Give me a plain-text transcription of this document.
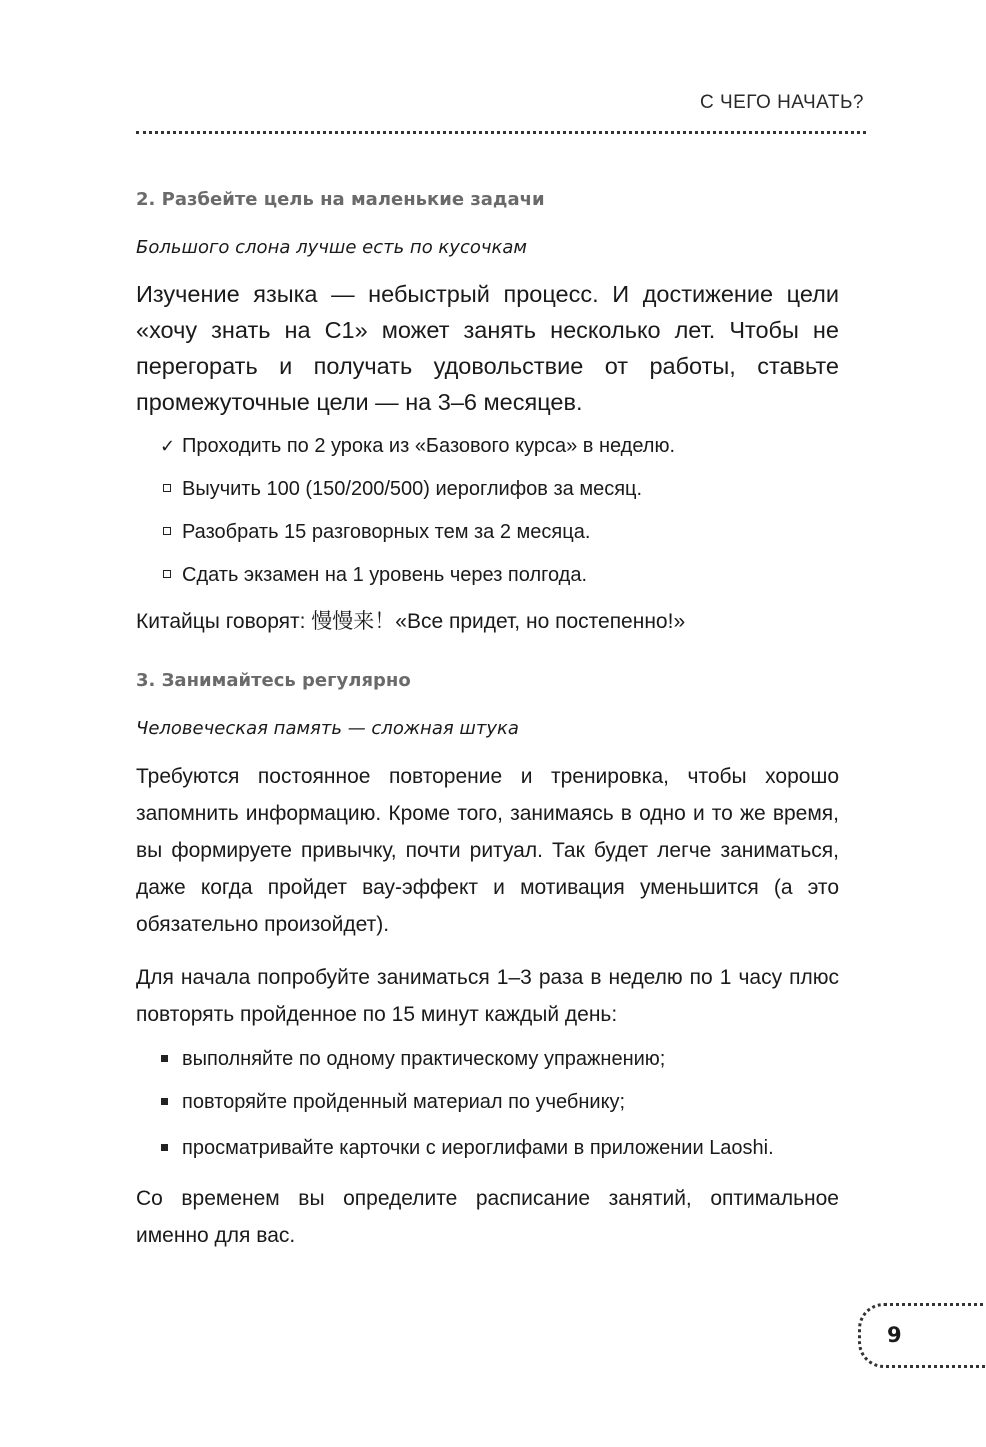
С ЧЕГО НАЧАТЬ?
2. Разбейте цель на маленькие задачи

Большого слона лучше есть по кусочкам

Изучение языка — небыстрый процесс. И достижение цели «хочу знать на С1» может занять несколько лет. Чтобы не перегорать и получать удовольствие от работы, ставьте промежуточные цели — на 3–6 месяцев.

✓ Проходить по 2 урока из «Базового курса» в неделю.
Выучить 100 (150/200/500) иероглифов за месяц.
Разобрать 15 разговорных тем за 2 месяца.
Сдать экзамен на 1 уровень через полгода.

Китайцы говорят: 慢慢来！«Все придет, но постепенно!»

3. Занимайтесь регулярно

Человеческая память — сложная штука

Требуются постоянное повторение и тренировка, чтобы хорошо запомнить информацию. Кроме того, занимаясь в одно и то же время, вы формируете привычку, почти ритуал. Так будет легче заниматься, даже когда пройдет вау-эффект и мотивация уменьшится (а это обязательно произойдет).

Для начала попробуйте заниматься 1–3 раза в неделю по 1 часу плюс повторять пройденное по 15 минут каждый день:

выполняйте по одному практическому упражнению;
повторяйте пройденный материал по учебнику;
просматривайте карточки с иероглифами в приложении Laoshi.

Со временем вы определите расписание занятий, оптимальное именно для вас.

9
